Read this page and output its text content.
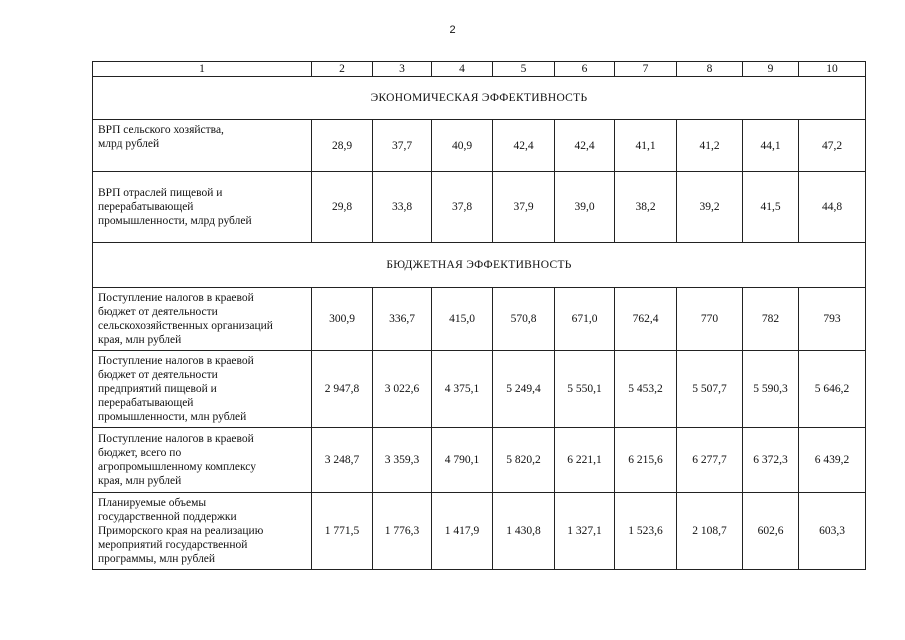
2
1	2	3	4	5	6	7	8	9	10
ЭКОНОМИЧЕСКАЯ ЭФФЕКТИВНОСТЬ									

ВРП сельского хозяйства,
млрд рублей	28,9	37,7	40,9	42,4	42,4	41,1	41,2	44,1	47,2

ВРП отраслей пищевой и
перерабатывающей
промышленности, млрд рублей	29,8	33,8	37,8	37,9	39,0	38,2	39,2	41,5	44,8
БЮДЖЕТНАЯ ЭФФЕКТИВНОСТЬ									

Поступление налогов в краевой
бюджет от деятельности
сельскохозяйственных организаций
края, млн рублей	300,9	336,7	415,0	570,8	671,0	762,4	770	782	793

Поступление налогов в краевой
бюджет от деятельности
предприятий пищевой и
перерабатывающей
промышленности, млн рублей	2 947,8	3 022,6	4 375,1	5 249,4	5 550,1	5 453,2	5 507,7	5 590,3	5 646,2

Поступление налогов в краевой
бюджет, всего по
агропромышленному комплексу
края, млн рублей	3 248,7	3 359,3	4 790,1	5 820,2	6 221,1	6 215,6	6 277,7	6 372,3	6 439,2

Планируемые объемы
государственной поддержки
Приморского края на реализацию
мероприятий государственной
программы, млн рублей	1 771,5	1 776,3	1 417,9	1 430,8	1 327,1	1 523,6	2 108,7	602,6	603,3
